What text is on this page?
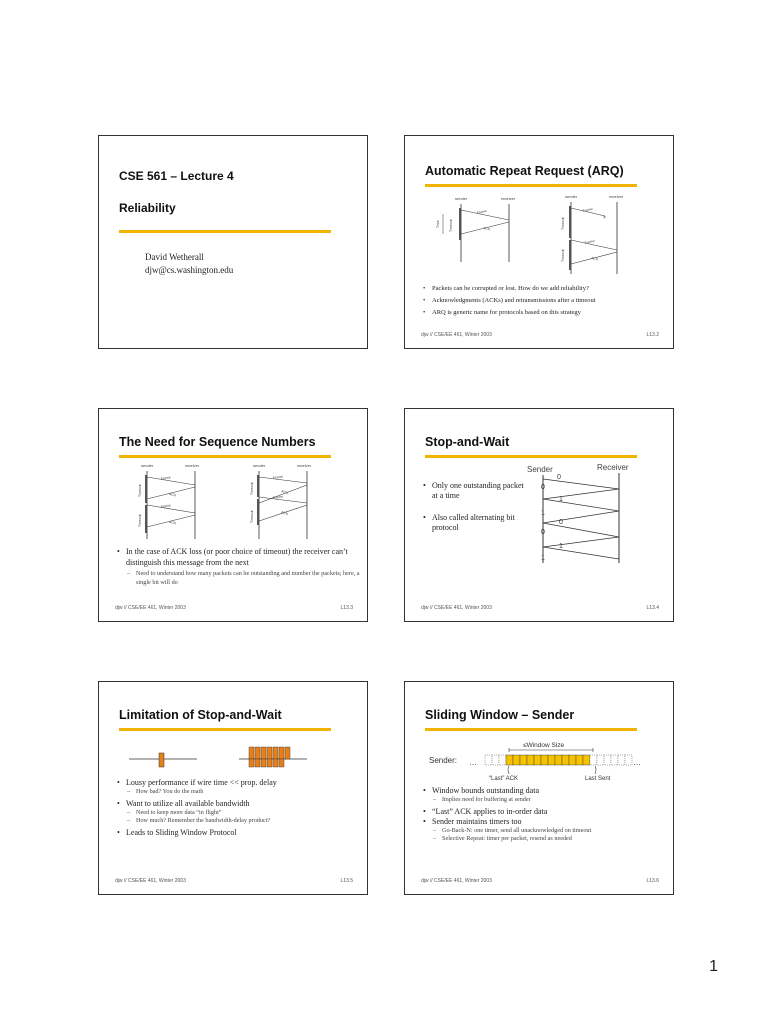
CSE 561 – Lecture 4
Reliability
David Wetherall
djw@cs.washington.edu
Automatic Repeat Request (ARQ)
sender	receiver
Frame
ACK
Timeout
Time
sender	receiver
×
Frame
Frame
ACK
Timeout
Timeout
• Packets can be corrupted or lost. How do we add reliability?
• Acknowledgments (ACKs) and retransmissions after a timeout
• ARQ is generic name for protocols based on this strategy
djw // CSE/EE 461, Winter 2003	L13.2
The Need for Sequence Numbers
sender	receiver
Frame
ACK
Frame
ACK
Timeout
Timeout
sender	receiver
Frame
ACK
Frame
ACK
Timeout
Timeout
• In the case of ACK loss (or poor choice of timeout) the receiver can’t distinguish this message from the next
– Need to understand how many packets can be outstanding and number the packets; here, a single bit will do
djw // CSE/EE 461, Winter 2003	L13.3
Stop-and-Wait
• Only one outstanding packet at a time
• Also called alternating bit protocol
Sender	Receiver
0
0
1
1
0
0
1
1
djw // CSE/EE 461, Winter 2003	L13.4
Limitation of Stop-and-Wait
• Lousy performance if wire time << prop. delay
– How bad? You do the math
• Want to utilize all available bandwidth
– Need to keep more data “in flight”
– How much? Remember the bandwidth-delay product?
• Leads to Sliding Window Protocol
djw // CSE/EE 461, Winter 2003	L13.5
Sliding Window – Sender
≤Window Size
Sender: …	…
“Last” ACK	Last Sent
• Window bounds outstanding data
– Implies need for buffering at sender
• “Last” ACK applies to in-order data
• Sender maintains timers too
– Go-Back-N: one timer, send all unacknowledged on timeout
– Selective Repeat: timer per packet, resend as needed
djw // CSE/EE 461, Winter 2003	L13.6
1
